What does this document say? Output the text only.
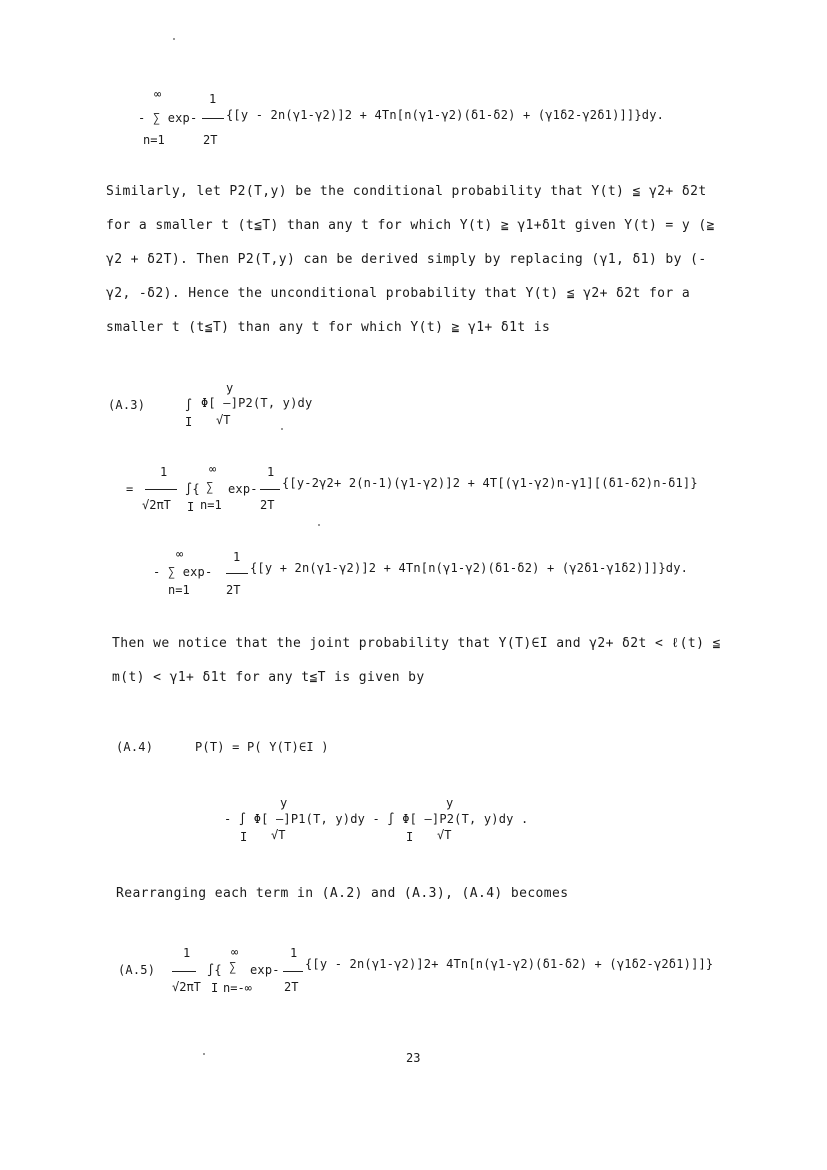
∞	1
- ∑ exp- {[y - 2n(γ1-γ2)]2 + 4Tn[n(γ1-γ2)(δ1-δ2) + (γ1δ2-γ2δ1)]]}dy.
n=1	2T
Similarly, let P2(T,y) be the conditional probability that Y(t) ≦ γ2+ δ2t
for a smaller t (t≦T) than any t for which Y(t) ≧ γ1+δ1t given Y(t) = y (≧
γ2 + δ2T). Then P2(T,y) can be derived simply by replacing (γ1, δ1) by (-
γ2, -δ2). Hence the unconditional probability that Y(t) ≦ γ2+ δ2t for a
smaller t (t≦T) than any t for which Y(t) ≧ γ1+ δ1t is
y
(A.3)	∫ Φ[ —]P2(T, y)dy
I √T
1	∞	1
=	∫{ ∑ exp- {[y-2γ2+ 2(n-1)(γ1-γ2)]2 + 4T[(γ1-γ2)n-γ1][(δ1-δ2)n-δ1]}
√2πT I n=1	2T
∞	1
- ∑ exp-	{[y + 2n(γ1-γ2)]2 + 4Tn[n(γ1-γ2)(δ1-δ2) + (γ2δ1-γ1δ2)]]}dy.
n=1	2T
Then we notice that the joint probability that Y(T)∈I and γ2+ δ2t < ℓ(t) ≦
m(t) < γ1+ δ1t for any t≦T is given by
(A.4)	P(T) = P( Y(T)∈I )
y	y
- ∫ Φ[ —]P1(T, y)dy - ∫ Φ[ —]P2(T, y)dy .
I √T	I √T
Rearranging each term in (A.2) and (A.3), (A.4) becomes
1	∞	1
(A.5)	∫{ ∑ exp- {[y - 2n(γ1-γ2)]2+ 4Tn[n(γ1-γ2)(δ1-δ2) + (γ1δ2-γ2δ1)]]}
√2πT I n=-∞	2T
23
